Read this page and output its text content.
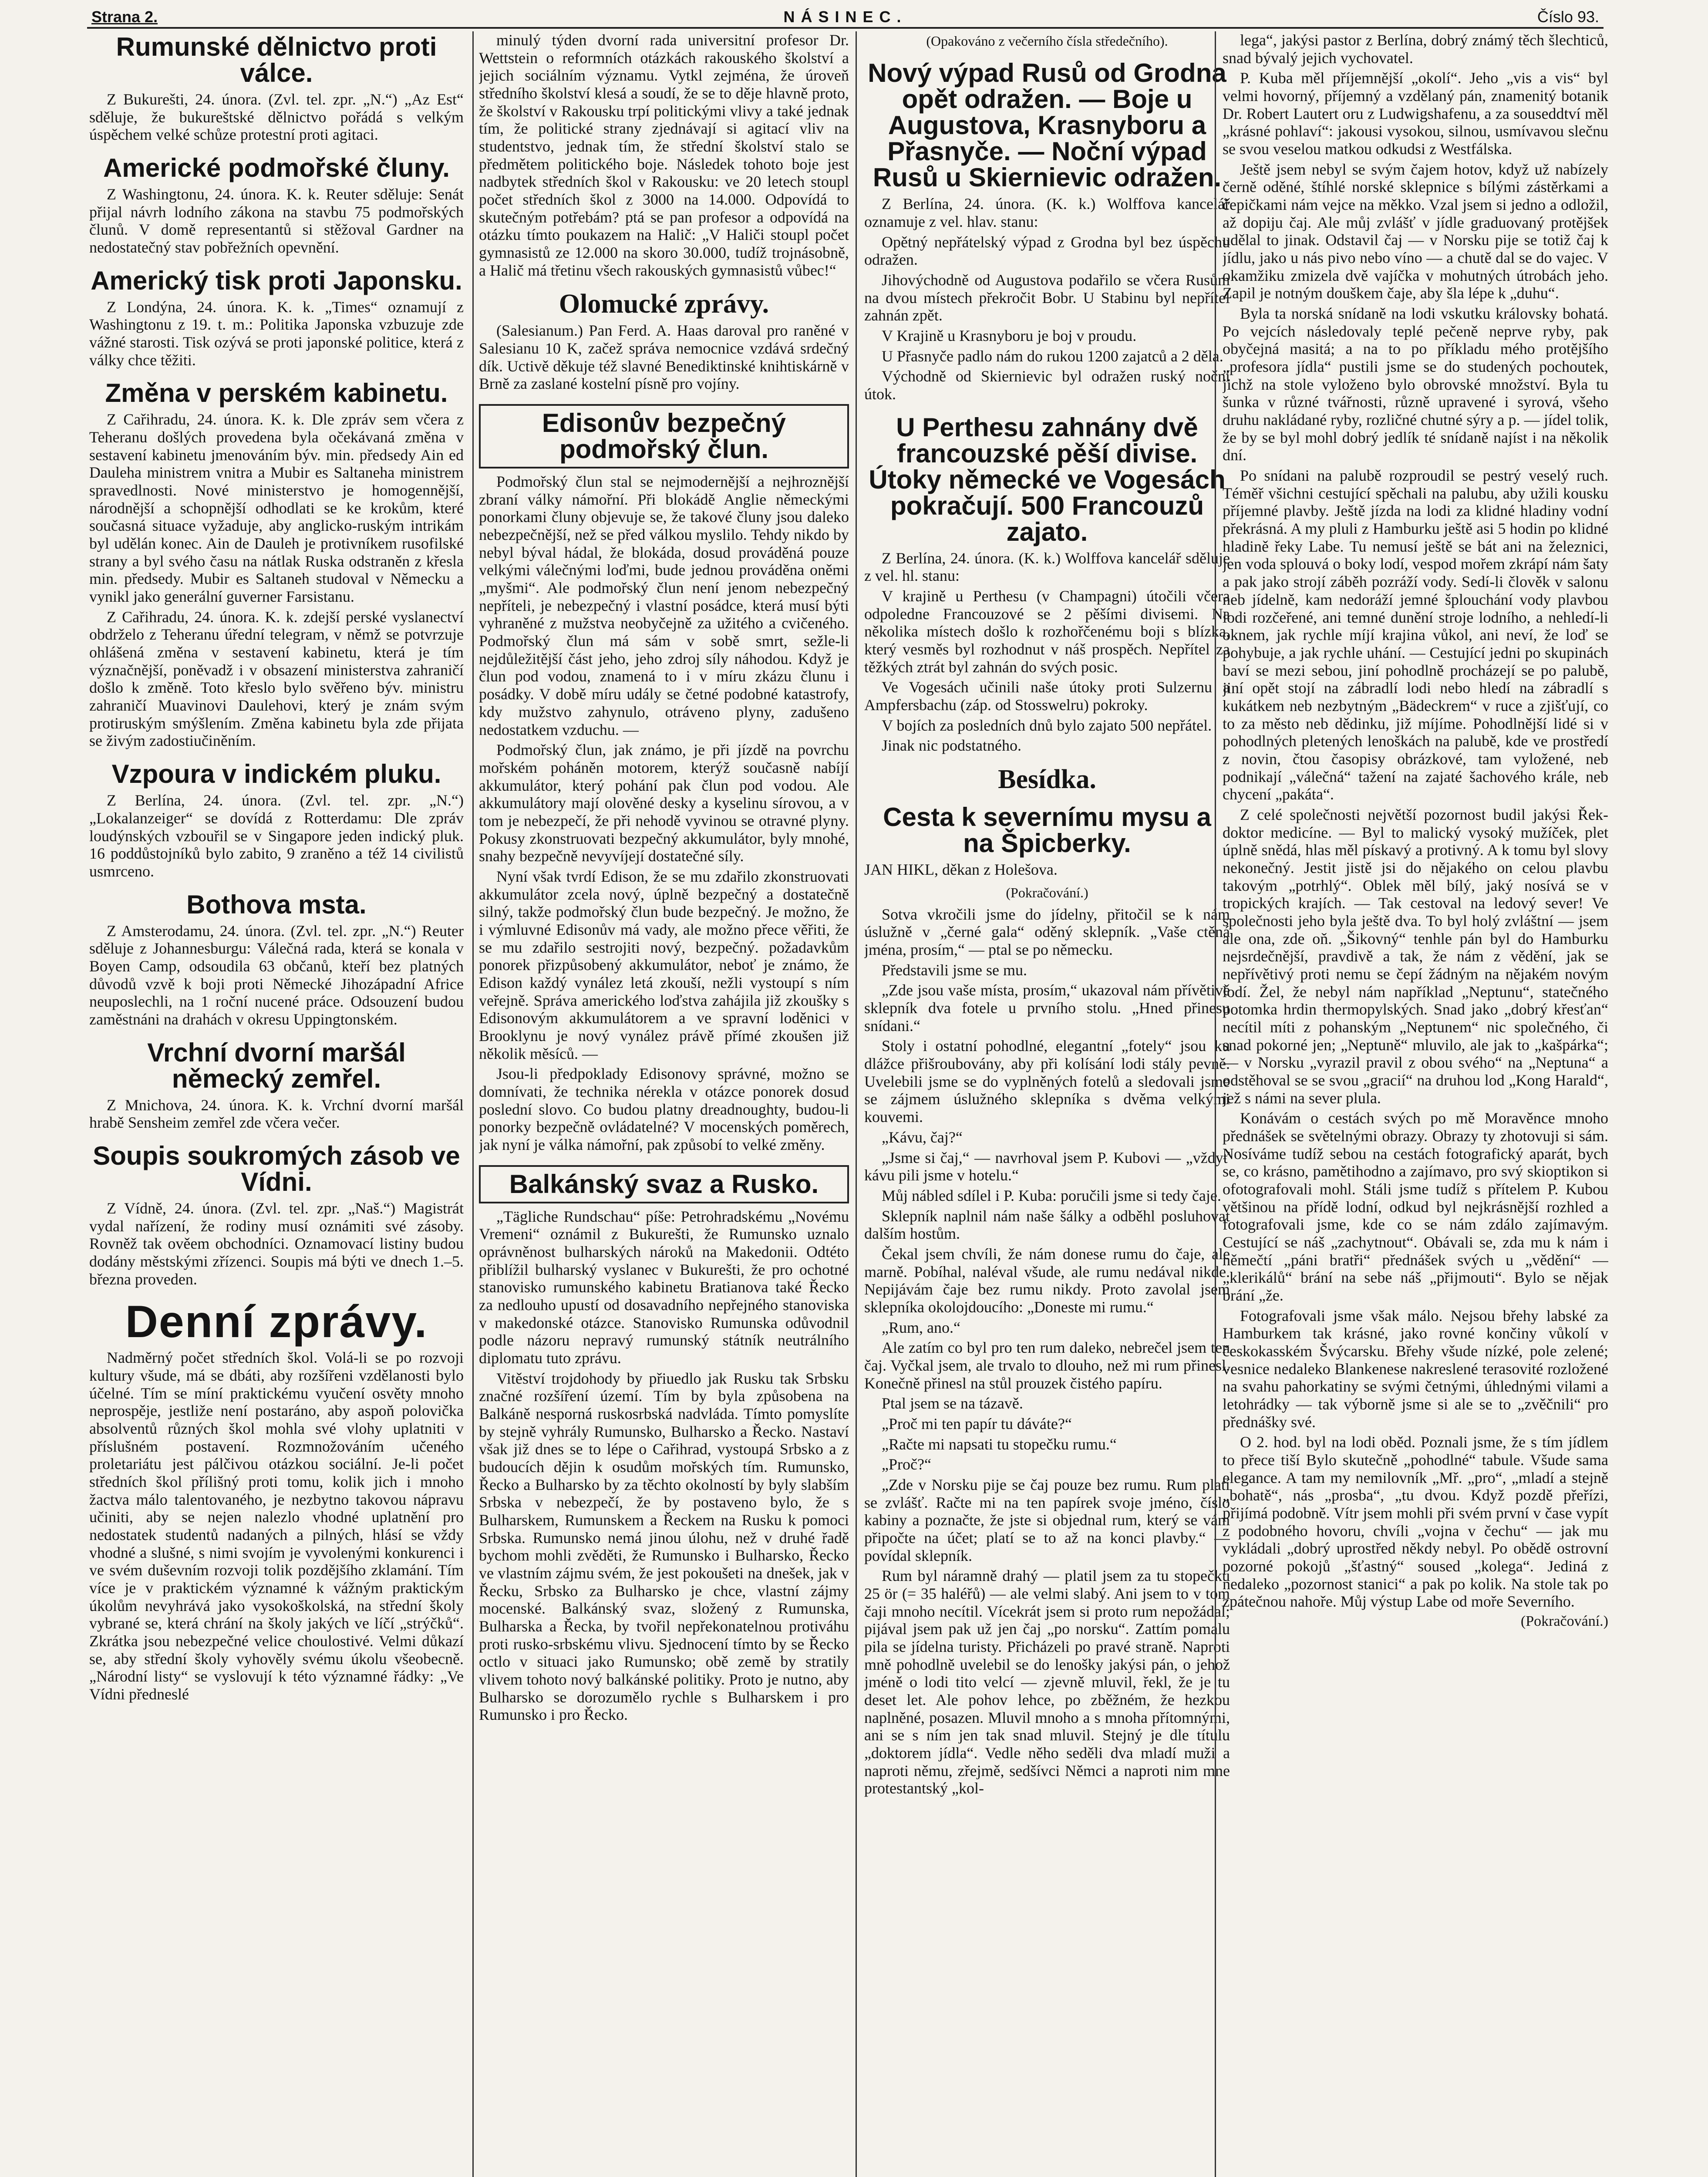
Strana 2.	NÁSINEC.	Číslo 93.
Rumunské dělnictvo proti válce.

Z Bukurešti, 24. února. (Zvl. tel. zpr. „N.“) „Az Est“ sděluje, že bukureštské dělnictvo pořádá s velkým úspěchem velké schůze protestní proti agitaci.

Americké podmořské čluny.

Z Washingtonu, 24. února. K. k. Reuter sděluje: Senát přijal návrh lodního zákona na stavbu 75 podmořských člunů. V domě representantů si stěžoval Gardner na nedostatečný stav pobřežních opevnění.

Americký tisk proti Japonsku.

Z Londýna, 24. února. K. k. „Times“ oznamují z Washingtonu z 19. t. m.: Politika Japonska vzbuzuje zde vážné starosti. Tisk ozývá se proti japonské politice, která z války chce těžiti.

Změna v perském kabinetu.

Z Cařihradu, 24. února. K. k. Dle zpráv sem včera z Teheranu došlých provedena byla očekávaná změna v sestavení kabinetu jmenováním býv. min. předsedy Ain ed Dauleha ministrem vnitra a Mubir es Saltaneha ministrem spravedlnosti. Nové ministerstvo je homogennější, národnější a schopnější odhodlati se ke krokům, které současná situace vyžaduje, aby anglicko-ruským intrikám byl udělán konec. Ain de Dauleh je protivníkem rusofilské strany a byl svého času na nátlak Ruska odstraněn z křesla min. předsedy. Mubir es Saltaneh studoval v Německu a vynikl jako generální guverner Farsistanu.

Z Cařihradu, 24. února. K. k. zdejší perské vyslanectví obdrželo z Teheranu úřední telegram, v němž se potvrzuje ohlášená změna v sestavení kabinetu, která je tím význačnější, poněvadž i v obsazení ministerstva zahraničí došlo k změně. Toto křeslo bylo svěřeno býv. ministru zahraničí Muavinovi Daulehovi, který je znám svým protiruským smýšlením. Změna kabinetu byla zde přijata se živým zadostiučiněním.

Vzpoura v indickém pluku.

Z Berlína, 24. února. (Zvl. tel. zpr. „N.“) „Lokalanzeiger“ se dovídá z Rotterdamu: Dle zpráv loudýnských vzbouřil se v Singapore jeden indický pluk. 16 poddůstojníků bylo zabito, 9 zraněno a též 14 civilistů usmrceno.

Bothova msta.

Z Amsterodamu, 24. února. (Zvl. tel. zpr. „N.“) Reuter sděluje z Johannesburgu: Válečná rada, která se konala v Boyen Camp, odsoudila 63 občanů, kteří bez platných důvodů vzvě k boji proti Německé Jihozápadní Africe neuposlechli, na 1 roční nucené práce. Odsouzení budou zaměstnáni na drahách v okresu Uppingtonském.

Vrchní dvorní maršál německý zemřel.

Z Mnichova, 24. února. K. k. Vrchní dvorní maršál hrabě Sensheim zemřel zde včera večer.

Soupis soukromých zásob ve Vídni.

Z Vídně, 24. února. (Zvl. tel. zpr. „Naš.“) Magistrát vydal nařízení, že rodiny musí oznámiti své zásoby. Rovněž tak ověem obchodníci. Oznamovací listiny budou dodány městskými zřízenci. Soupis má býti ve dnech 1.–5. března proveden.

Denní zprávy.

Nadměrný počet středních škol. Volá-li se po rozvoji kultury všude, má se dbáti, aby rozšířeni vzdělanosti bylo účelné. Tím se míní praktickému vyučení osvěty mnoho neprospěje, jestliže není postaráno, aby aspoň polovička absolventů různých škol mohla své vlohy uplatniti v příslušném postavení. Rozmnožováním učeného proletariátu jest pálčivou otázkou sociální. Je-li počet středních škol přílišný proti tomu, kolik jich i mnoho žactva málo talentovaného, je nezbytno takovou nápravu učiniti, aby se nejen nalezlo vhodné uplatnění pro nedostatek studentů nadaných a pilných, hlásí se vždy vhodné a slušné, s nimi svojím je vyvolenými konkurenci i ve svém duševním rozvoji tolik pozdějšího zklamání. Tím více je v praktickém významné k vážným praktickým úkolům nevyhrává jako vysokoškolská, na střední školy vybrané se, která chrání na školy jakých ve líčí „strýčků“. Zkrátka jsou nebezpečné velice choulostivé. Velmi důkazí se, aby střední školy vyhověly svému úkolu všeobecně. „Národní listy“ se vyslovují k této významné řádky: „Ve Vídni předneslé

minulý týden dvorní rada universitní profesor Dr. Wettstein o reformních otázkách rakouského školství a jejich sociálním významu. Vytkl zejména, že úroveň středního školství klesá a soudí, že se to děje hlavně proto, že školství v Rakousku trpí politickými vlivy a také jednak tím, že politické strany zjednávají si agitací vliv na studentstvo, jednak tím, že střední školství stalo se předmětem politického boje. Následek tohoto boje jest nadbytek středních škol v Rakousku: ve 20 letech stoupl počet středních škol z 3000 na 14.000. Odpovídá to skutečným potřebám? ptá se pan profesor a odpovídá na otázku tímto poukazem na Halič: „V Haliči stoupl počet gymnasistů ze 12.000 na skoro 30.000, tudíž trojnásobně, a Halič má třetinu všech rakouských gymnasistů vůbec!“

Olomucké zprávy.

(Salesianum.) Pan Ferd. A. Haas daroval pro raněné v Salesianu 10 K, začež správa nemocnice vzdává srdečný dík. Uctivě děkuje též slavné Benediktinské knihtiskárně v Brně za zaslané kostelní písně pro vojíny.

Edisonův bezpečný podmořský člun.

Podmořský člun stal se nejmodernější a nejhroznější zbraní války námořní. Při blokádě Anglie německými ponorkami čluny objevuje se, že takové čluny jsou daleko nebezpečnější, než se před válkou myslilo. Tehdy nikdo by nebyl býval hádal, že blokáda, dosud prováděná pouze velkými válečnými loďmi, bude jednou prováděna oněmi „myšmi“. Ale podmořský člun není jenom nebezpečný nepříteli, je nebezpečný i vlastní posádce, která musí býti vyhraněné z mužstva neobyčejně za užitého a cvičeného. Podmořský člun má sám v sobě smrt, sežle-li nejdůležitější část jeho, jeho zdroj síly náhodou. Když je člun pod vodou, znamená to i v míru zkázu člunu i posádky. V době míru udály se četné podobné katastrofy, kdy mužstvo zahynulo, otráveno plyny, zadušeno nedostatkem vzduchu. —

Podmořský člun, jak známo, je při jízdě na povrchu mořském poháněn motorem, kterýž současně nabíjí akkumulátor, který pohání pak člun pod vodou. Ale akkumulátory mají olověné desky a kyselinu sírovou, a v tom je nebezpečí, že při nehodě vyvinou se otravné plyny. Pokusy zkonstruovati bezpečný akkumulátor, byly mnohé, snahy bezpečně nevyvíjejí dostatečné síly.

Nyní však tvrdí Edison, že se mu zdařilo zkonstruovati akkumulátor zcela nový, úplně bezpečný a dostatečně silný, takže podmořský člun bude bezpečný. Je možno, že i výmluvné Edisonův má vady, ale možno přece věřiti, že se mu zdařilo sestrojiti nový, bezpečný. požadavkům ponorek přizpůsobený akkumulátor, neboť je známo, že Edison každý vynález letá zkouší, nežli vystoupí s ním veřejně. Správa amerického loďstva zahájila již zkoušky s Edisonovým akkumulátorem a ve spravní loděnici v Brooklynu je nový vynález právě přímé zkoušen již několik měsíců. —

Jsou-li předpoklady Edisonovy správné, možno se domnívati, že technika nérekla v otázce ponorek dosud poslední slovo. Co budou platny dreadnoughty, budou-li ponorky bezpečně ovládatelné? V mocenských poměrech, jak nyní je válka námořní, pak způsobí to velké změny.

Balkánský svaz a Rusko.

„Tägliche Rundschau“ píše: Petrohradskému „Novému Vremeni“ oznámil z Bukurešti, že Rumunsko uznalo oprávněnost bulharských nároků na Makedonii. Odtéto přiblížil bulharský vyslanec v Bukurešti, že pro ochotné stanovisko rumunského kabinetu Bratianova také Řecko za nedlouho upustí od dosavadního nepřejného stanoviska v makedonské otázce. Stanovisko Rumunska odůvodnil podle názoru nepravý rumunský státník neutrálního diplomatu tuto zprávu.

Vitěství trojdohody by přiuedlo jak Rusku tak Srbsku značné rozšíření území. Tím by byla způsobena na Balkáně nesporná ruskosrbská nadvláda. Tímto pomyslíte by stejně vyhrály Rumunsko, Bulharsko a Řecko. Nastaví však již dnes se to lépe o Cařihrad, vystoupá Srbsko a z budoucích dějin k osudům mořských tím. Rumunsko, Řecko a Bulharsko by za těchto okolností by byly slabším Srbska v nebezpečí, že by postaveno bylo, že s Bulharskem, Rumunskem a Řeckem na Rusku k pomoci Srbska. Rumunsko nemá jinou úlohu, než v druhé řadě bychom mohli zvěděti, že Rumunsko i Bulharsko, Řecko ve vlastním zájmu svém, že jest pokoušeti na dnešek, jak v Řecku, Srbsko za Bulharsko je chce, vlastní zájmy mocenské. Balkánský svaz, složený z Rumunska, Bulharska a Řecka, by tvořil nepřekonatelnou protiváhu proti rusko-srbskému vlivu. Sjednocení tímto by se Řecko octlo v situaci jako Rumunsko; obě země by stratily vlivem tohoto nový balkánské politiky. Proto je nutno, aby Bulharsko se dorozumělo rychle s Bulharskem i pro Rumunsko i pro Řecko.

(Opakováno z večerního čísla středečního).

Nový výpad Rusů od Grodna opět odražen. — Boje u Augustova, Krasnyboru a Přasnyče. — Noční výpad Rusů u Skiernievic odražen.

Z Berlína, 24. února. (K. k.) Wolffova kancelář oznamuje z vel. hlav. stanu:

Opětný nepřátelský výpad z Grodna byl bez úspěchu odražen.

Jihovýchodně od Augustova podařilo se včera Rusům na dvou místech překročit Bobr. U Stabinu byl nepřítel zahnán zpět.

V Krajině u Krasnyboru je boj v proudu.

U Přasnyče padlo nám do rukou 1200 zajatců a 2 děla.

Východně od Skiernievic byl odražen ruský noční útok.

U Perthesu zahnány dvě francouzské pěší divise. Útoky německé ve Vogesách pokračují. 500 Francouzů zajato.

Z Berlína, 24. února. (K. k.) Wolffova kancelář sděluje z vel. hl. stanu:

V krajině u Perthesu (v Champagni) útočili včera odpoledne Francouzové se 2 pěšími divisemi. Na několika místech došlo k rozhořčenému boji s blízka, který vesměs byl rozhodnut v náš prospěch. Nepřítel za těžkých ztrát byl zahnán do svých posic.

Ve Vogesách učinili naše útoky proti Sulzernu a Ampfersbachu (záp. od Stosswelru) pokroky.

V bojích za posledních dnů bylo zajato 500 nepřátel.

Jinak nic podstatného.

Besídka.
Cesta k severnímu mysu a na Špicberky.

JAN HIKL, děkan z Holešova.

(Pokračování.)

Sotva vkročili jsme do jídelny, přitočil se k nám úslužně v „černé gala“ oděný sklepník. „Vaše ctěná jména, prosím,“ — ptal se po německu.

Představili jsme se mu.

„Zde jsou vaše místa, prosím,“ ukazoval nám přívětivě sklepník dva fotele u prvního stolu. „Hned přinesu snídani.“

Stoly i ostatní pohodlné, elegantní „fotely“ jsou ku dlážce přišroubovány, aby při kolísání lodi stály pevně. Uvelebili jsme se do vyplněných fotelů a sledovali jsme se zájmem úslužného sklepníka s dvěma velkými kouvemi.

„Kávu, čaj?“

„Jsme si čaj,“ — navrhoval jsem P. Kubovi — „vždyť kávu pili jsme v hotelu.“

Můj nábled sdílel i P. Kuba: poručili jsme si tedy čaje.

Sklepník naplnil nám naše šálky a odběhl posluhovat dalším hostům.

Čekal jsem chvíli, že nám donese rumu do čaje, ale marně. Pobíhal, naléval všude, ale rumu nedával nikde. Nepijávám čaje bez rumu nikdy. Proto zavolal jsem sklepníka okolojdoucího: „Doneste mi rumu.“

„Rum, ano.“

Ale zatím co byl pro ten rum daleko, nebrečel jsem ten čaj. Vyčkal jsem, ale trvalo to dlouho, než mi rum přinesl. Konečně přinesl na stůl prouzek čistého papíru.

Ptal jsem se na tázavě.

„Proč mi ten papír tu dáváte?“

„Račte mi napsati tu stopečku rumu.“

„Proč?“

„Zde v Norsku pije se čaj pouze bez rumu. Rum platí se zvlášť. Račte mi na ten papírek svoje jméno, číslo kabiny a poznačte, že jste si objednal rum, který se vám připočte na účet; platí se to až na konci plavby.“ — povídal sklepník.

Rum byl náramně drahý — platil jsem za tu stopečku 25 ör (= 35 haléřů) — ale velmi slabý. Ani jsem to v tom čaji mnoho necítil. Vícekrát jsem si proto rum nepožádal; pijával jsem pak už jen čaj „po norsku“. Zattím pomalu pila se jídelna turisty. Přicházeli po pravé straně. Naproti mně pohodlně uvelebil se do lenošky jakýsi pán, o jehož jméně o lodi tito velcí — zjevně mluvil, řekl, že je tu deset let. Ale pohov lehce, po zběžném, že hezkou naplněné, posazen. Mluvil mnoho a s mnoha přítomnými, ani se s ním jen tak snad mluvil. Stejný je dle títulu „doktorem jídla“. Vedle něho seděli dva mladí muži a naproti němu, zřejmě, sedšívci Němci a naproti nim mne protestantský „kol-

lega“, jakýsi pastor z Berlína, dobrý známý těch šlechticů, snad bývalý jejich vychovatel.

P. Kuba měl příjemnější „okolí“. Jeho „vis a vis“ byl velmi hovorný, příjemný a vzdělaný pán, znamenitý botanik Dr. Robert Lautert oru z Ludwigshafenu, a za souseddtví měl „krásné pohlaví“: jakousi vysokou, silnou, usmívavou slečnu se svou veselou matkou odkudsi z Westfálska.

Ještě jsem nebyl se svým čajem hotov, když už nabízely černě oděné, štíhlé norské sklepnice s bílými zástěrkami a čepičkami nám vejce na měkko. Vzal jsem si jedno a odložil, až dopiju čaj. Ale můj zvlášť v jídle graduovaný protějšek udělal to jinak. Odstavil čaj — v Norsku pije se totiž čaj k jídlu, jako u nás pivo nebo víno — a chutě dal se do vajec. V okamžiku zmizela dvě vajíčka v mohutných útrobách jeho. Zapil je notným douškem čaje, aby šla lépe k „duhu“.

Byla ta norská snídaně na lodi vskutku královsky bohatá. Po vejcích následovaly teplé pečeně neprve ryby, pak obyčejná masitá; a na to po příkladu mého protějšího „profesora jídla“ pustili jsme se do studených pochoutek, jichž na stole vyloženo bylo obrovské množství. Byla tu šunka v různé tvářnosti, různě upravené i syrová, všeho druhu nakládané ryby, rozličné chutné sýry a p. — jídel tolik, že by se byl mohl dobrý jedlík té snídaně najíst i na několik dní.

Po snídani na palubě rozproudil se pestrý veselý ruch. Téměř všichni cestující spěchali na palubu, aby užili kousku příjemné plavby. Ještě jízda na lodi za klidné hladiny vodní překrásná. A my pluli z Hamburku ještě asi 5 hodin po klidné hladině řeky Labe. Tu nemusí ještě se bát ani na železnici, jen voda splouvá o boky lodí, vespod mořem zkrápí nám šaty a pak jako strojí záběh pozráží vody. Sedí-li člověk v salonu neb jídelně, kam nedoráží jemné šplouchání vody plavbou lodi rozčeřené, ani temné dunění stroje lodního, a nehledí-li oknem, jak rychle míjí krajina vůkol, ani neví, že loď se pohybuje, a jak rychle uhání. — Cestující jedni po skupinách baví se mezi sebou, jiní pohodlně procházejí se po palubě, jiní opět stojí na zábradlí lodi nebo hledí na zábradlí s kukátkem neb nezbytným „Bädeckrem“ v ruce a zjišťují, co to za město neb dědinku, již míjíme. Pohodlnější lidé si v pohodlných pletených lenoškách na palubě, kde ve prostředí z novin, čtou časopisy obrázkové, tam vyložené, neb podnikají „válečná“ tažení na zajaté šachového krále, neb chycení „pakáta“.

Z celé společnosti největší pozornost budil jakýsi Řek-doktor medicíne. — Byl to malický vysoký mužíček, plet úplně snědá, hlas měl pískavý a protivný. A k tomu byl slovy nekonečný. Jestit jistě jsi do nějakého on celou plavbu takovým „potrhlý“. Oblek měl bílý, jaký nosívá se v tropických krajích. — Tak cestoval na ledový sever! Ve společnosti jeho byla ještě dva. To byl holý zvláštní — jsem ale ona, zde oň. „Šikovný“ tenhle pán byl do Hamburku nejsrdečnější, pravdivě a tak, že nám z vědění, jak se nepřívětivý proti nemu se čepí žádným na nějakém novým lodí. Žel, že nebyl nám například „Neptunu“, statečného potomka hrdin thermopylských. Snad jako „dobrý křesťan“ necítil míti z pohanským „Neptunem“ nic společného, či snad pokorné jen; „Neptuně“ mluvilo, ale jak to „kašpárka“; — v Norsku „vyrazil pravil z obou svého“ na „Neptuna“ a odstěhoval se se svou „gracií“ na druhou lod „Kong Harald“, jež s námi na sever plula.

Konávám o cestách svých po mě Moravěnce mnoho přednášek se světelnými obrazy. Obrazy ty zhotovuji si sám. Nosíváme tudíž sebou na cestách fotografický aparát, bych se, co krásno, pamětihodno a zajímavo, pro svý skioptikon si ofotografovali mohl. Stáli jsme tudíž s přítelem P. Kubou většinou na přídě lodní, odkud byl nejkrásnější rozhled a fotografovali jsme, kde co se nám zdálo zajímavým. Cestující se náš „zachytnout“. Obávali se, zda mu k nám i němečtí „páni bratři“ přednášek svých u „vědění“ — „klerikálů“ brání na sebe náš „přijmouti“. Bylo se nějak brání „že.

Fotografovali jsme však málo. Nejsou břehy labské za Hamburkem tak krásné, jako rovné končiny vůkolí v českokasském Švýcarsku. Břehy všude nízké, pole zelené; vesnice nedaleko Blankenese nakreslené terasovité rozložené na svahu pahorkatiny se svými četnými, úhlednými vilami a letohrádky — tak výborně jsme si ale se to „zvěčnili“ pro přednášky své.

O 2. hod. byl na lodi oběd. Poznali jsme, že s tím jídlem to přece tiší Bylo skutečně „pohodlné“ tabule. Všude sama elegance. A tam my nemilovník „Mř. „pro“, „mladí a stejně „bohatě“, nás „prosba“, „tu dvou. Když pozdě přeřízi, přijímá podobně. Vítr jsem mohli při svém první v čase vypít z podobného hovoru, chvíli „vojna v čechu“ — jak mu vykládali „dobrý uprostřed někdy nebyl. Po obědě ostrovní pozorné pokojů „šťastný“ soused „kolega“. Jediná z nedaleko „pozornost stanici“ a pak po kolik. Na stole tak po zpátečnou nahoře. Můj výstup Labe od moře Severního.

(Pokračování.)
